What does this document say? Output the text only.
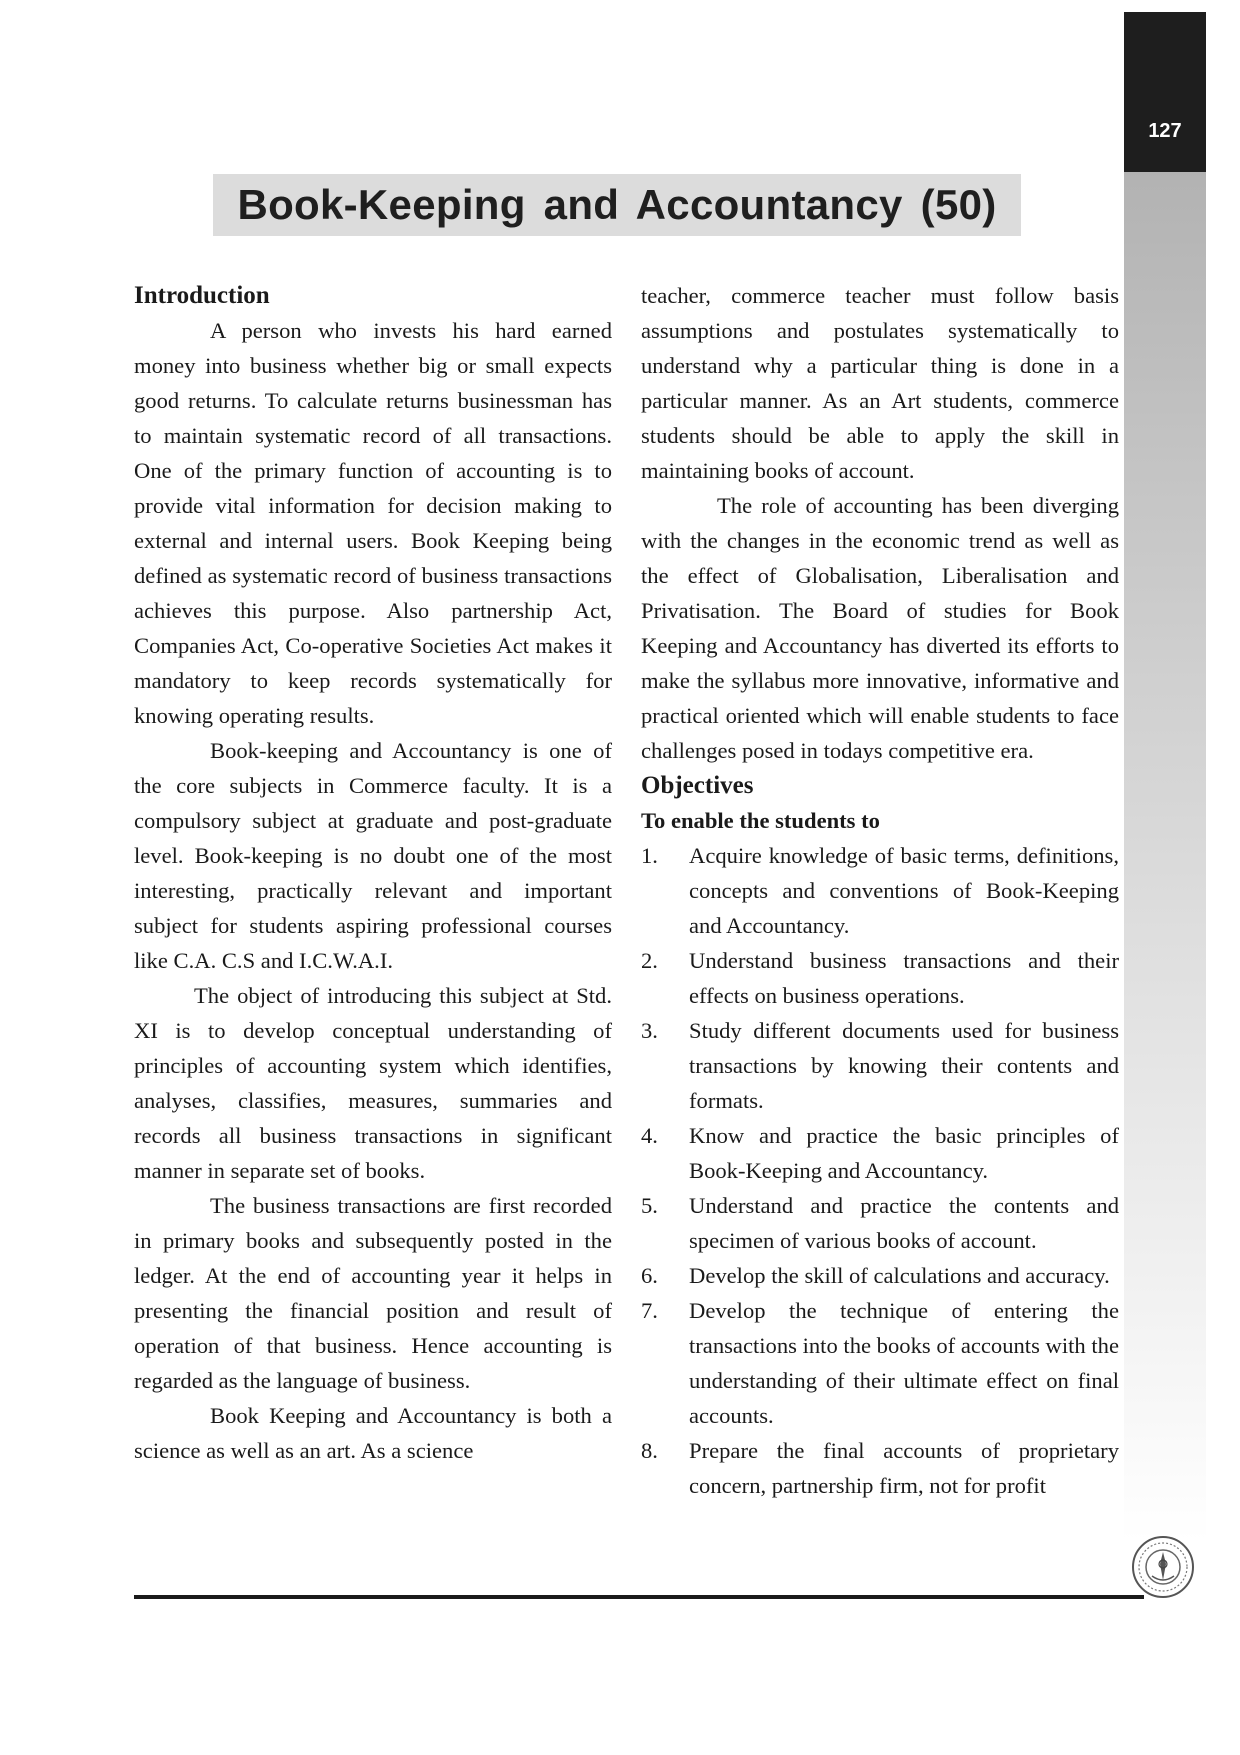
127
Book-Keeping and Accountancy (50)

Introduction

A person who invests his hard earned money into business whether big or small expects good returns. To calculate returns businessman has to maintain systematic record of all transactions. One of the primary function of accounting is to provide vital information for decision making to external and internal users. Book Keeping being defined as systematic record of business transactions achieves this purpose. Also partnership Act, Companies Act, Co-operative Societies Act makes it mandatory to keep records systematically for knowing operating results.

Book-keeping and Accountancy is one of the core subjects in Commerce faculty. It is a compulsory subject at graduate and post-graduate level. Book-keeping is no doubt one of the most interesting, practically relevant and important subject for students aspiring professional courses like C.A. C.S and I.C.W.A.I.

The object of introducing this subject at Std. XI is to develop conceptual understanding of principles of accounting system which identifies, analyses, classifies, measures, summaries and records all business transactions in significant manner in separate set of books.

The business transactions are first recorded in primary books and subsequently posted in the ledger. At the end of accounting year it helps in presenting the financial position and result of operation of that business. Hence accounting is regarded as the language of business.

Book Keeping and Accountancy is both a science as well as an art. As a science

teacher, commerce teacher must follow basis assumptions and postulates systematically to understand why a particular thing is done in a particular manner. As an Art students, commerce students should be able to apply the skill in maintaining books of account.

The role of accounting has been diverging with the changes in the economic trend as well as the effect of Globalisation, Liberalisation and Privatisation. The Board of studies for Book Keeping and Accountancy has diverted its efforts to make the syllabus more innovative, informative and practical oriented which will enable students to face challenges posed in todays competitive era.

Objectives

To enable the students to

1. Acquire knowledge of basic terms, definitions, concepts and conventions of Book-Keeping and Accountancy.
2. Understand business transactions and their effects on business operations.
3. Study different documents used for business transactions by knowing their contents and formats.
4. Know and practice the basic principles of Book-Keeping and Accountancy.
5. Understand and practice the contents and specimen of various books of account.
6. Develop the skill of calculations and accuracy.
7. Develop the technique of entering the transactions into the books of accounts with the understanding of their ultimate effect on final accounts.
8. Prepare the final accounts of proprietary concern, partnership firm, not for profit
